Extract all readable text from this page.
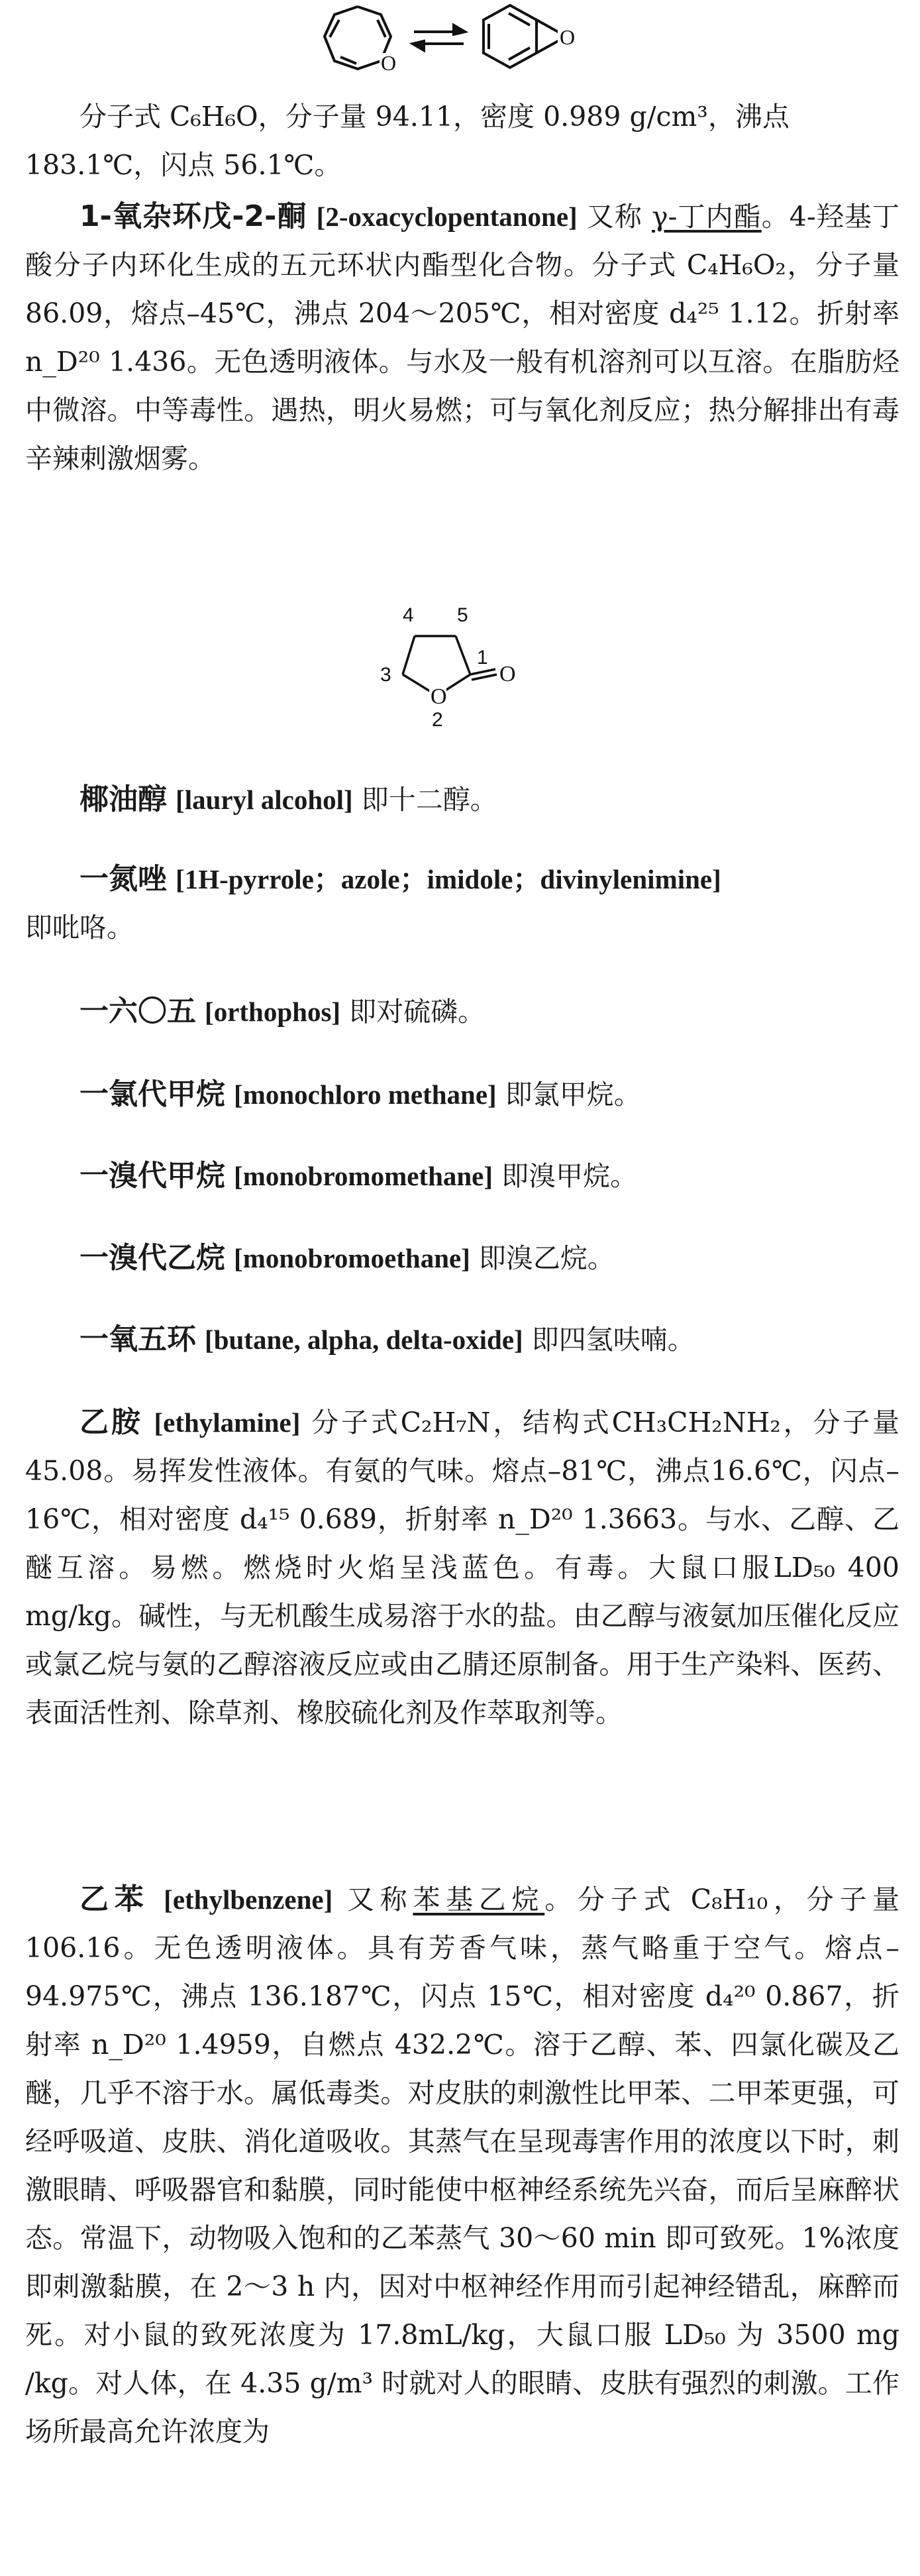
O
O

分子式 C₆H₆O，分子量 94.11，密度 0.989 g/cm³，沸点

183.1℃，闪点 56.1℃。

1-氧杂环戊-2-酮 [2-oxacyclopentanone] 又称 γ-丁内酯。4-羟基丁酸分子内环化生成的五元环状内酯型化合物。分子式 C₄H₆O₂，分子量 86.09，熔点–45℃，沸点 204～205℃，相对密度 d₄²⁵ 1.12。折射率 n_D²⁰ 1.436。无色透明液体。与水及一般有机溶剂可以互溶。在脂肪烃中微溶。中等毒性。遇热，明火易燃；可与氧化剂反应；热分解排出有毒辛辣刺激烟雾。

4 5
1
O
3
O
2

椰油醇 [lauryl alcohol] 即十二醇。

一氮唑 [1H-pyrrole；azole；imidole；divinylenimine]
即吡咯。

一六〇五 [orthophos] 即对硫磷。

一氯代甲烷 [monochloro methane] 即氯甲烷。

一溴代甲烷 [monobromomethane] 即溴甲烷。

一溴代乙烷 [monobromoethane] 即溴乙烷。

一氧五环 [butane, alpha, delta-oxide] 即四氢呋喃。

乙胺 [ethylamine] 分子式C₂H₇N，结构式CH₃CH₂NH₂，分子量45.08。易挥发性液体。有氨的气味。熔点–81℃，沸点16.6℃，闪点–16℃，相对密度 d₄¹⁵ 0.689，折射率 n_D²⁰ 1.3663。与水、乙醇、乙醚互溶。易燃。燃烧时火焰呈浅蓝色。有毒。大鼠口服LD₅₀ 400 mg/kg。碱性，与无机酸生成易溶于水的盐。由乙醇与液氨加压催化反应或氯乙烷与氨的乙醇溶液反应或由乙腈还原制备。用于生产染料、医药、表面活性剂、除草剂、橡胶硫化剂及作萃取剂等。

乙苯 [ethylbenzene] 又称苯基乙烷。分子式 C₈H₁₀，分子量 106.16。无色透明液体。具有芳香气味，蒸气略重于空气。熔点–94.975℃，沸点 136.187℃，闪点 15℃，相对密度 d₄²⁰ 0.867，折射率 n_D²⁰ 1.4959，自燃点 432.2℃。溶于乙醇、苯、四氯化碳及乙醚，几乎不溶于水。属低毒类。对皮肤的刺激性比甲苯、二甲苯更强，可经呼吸道、皮肤、消化道吸收。其蒸气在呈现毒害作用的浓度以下时，刺激眼睛、呼吸器官和黏膜，同时能使中枢神经系统先兴奋，而后呈麻醉状态。常温下，动物吸入饱和的乙苯蒸气 30～60 min 即可致死。1%浓度即刺激黏膜，在 2～3 h 内，因对中枢神经作用而引起神经错乱，麻醉而死。对小鼠的致死浓度为 17.8mL/kg，大鼠口服 LD₅₀ 为 3500 mg /kg。对人体，在 4.35 g/m³ 时就对人的眼睛、皮肤有强烈的刺激。工作场所最高允许浓度为
